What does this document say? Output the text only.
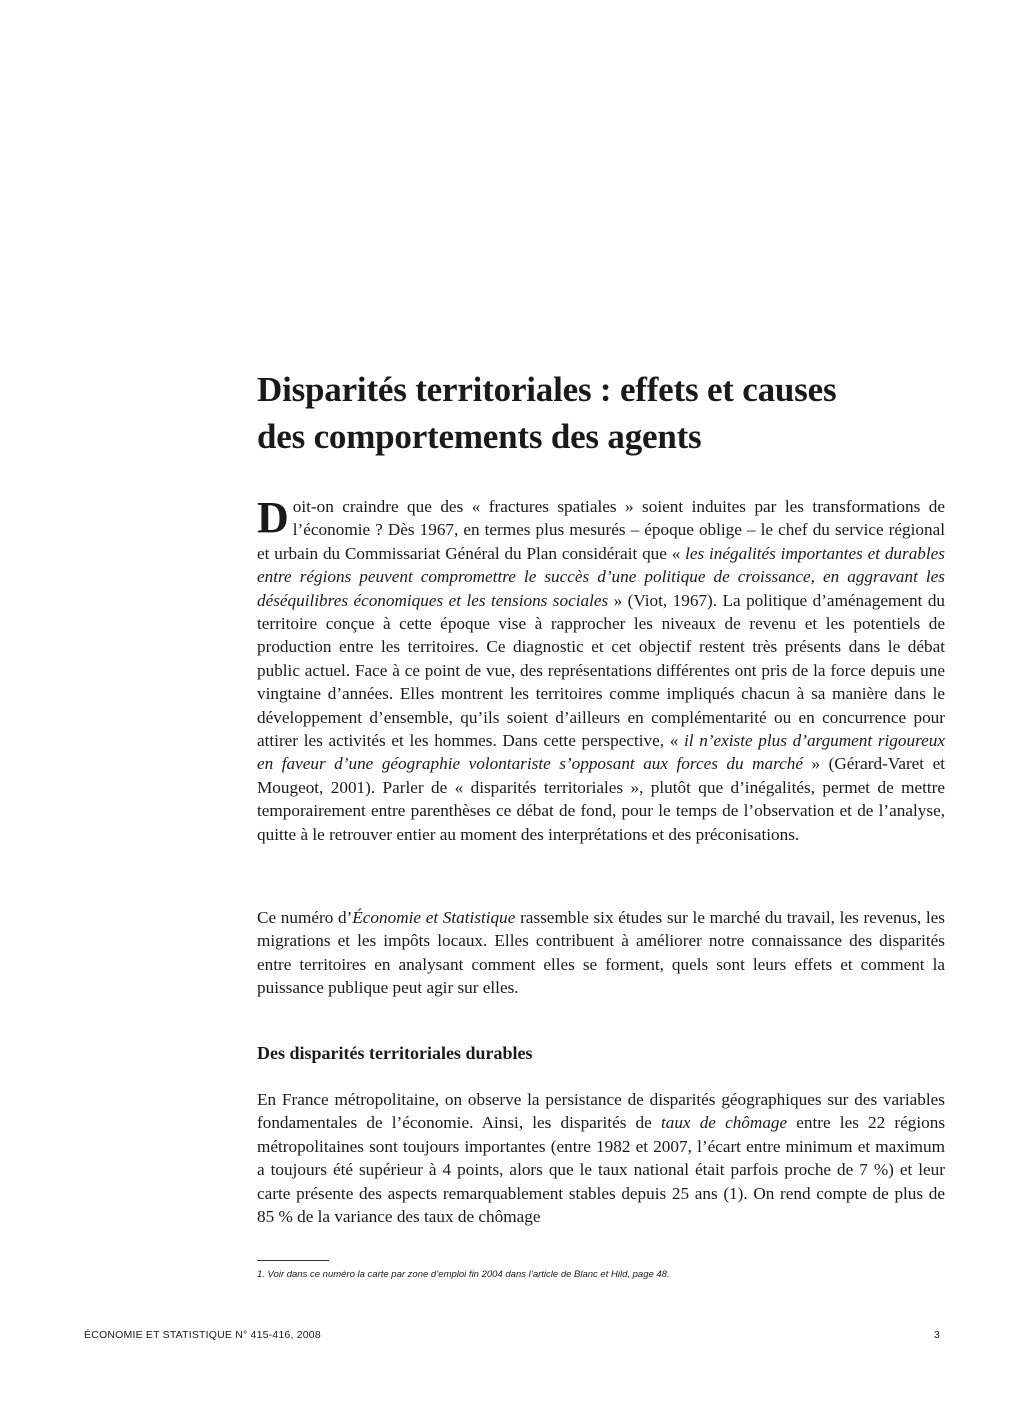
Disparités territoriales : effets et causes
des comportements des agents

D oit-on craindre que des « fractures spatiales » soient induites par les transformations de l’économie ? Dès 1967, en termes plus mesurés – époque oblige – le chef du service régional et urbain du Commissariat Général du Plan considérait que « les inégalités importantes et durables entre régions peuvent compromettre le succès d’une politique de croissance, en aggravant les déséquilibres économiques et les tensions sociales » (Viot, 1967). La politique d’aménagement du territoire conçue à cette époque vise à rapprocher les niveaux de revenu et les potentiels de production entre les territoires. Ce diagnostic et cet objectif restent très présents dans le débat public actuel. Face à ce point de vue, des représentations différentes ont pris de la force depuis une vingtaine d’années. Elles montrent les territoires comme impliqués chacun à sa manière dans le développement d’ensemble, qu’ils soient d’ailleurs en complémentarité ou en concurrence pour attirer les activités et les hommes. Dans cette perspective, « il n’existe plus d’argument rigoureux en faveur d’une géographie volontariste s’opposant aux forces du marché » (Gérard-Varet et Mougeot, 2001). Parler de « disparités territoriales », plutôt que d’inégalités, permet de mettre temporairement entre parenthèses ce débat de fond, pour le temps de l’observation et de l’analyse, quitte à le retrouver entier au moment des interprétations et des préconisations.

Ce numéro d’Économie et Statistique rassemble six études sur le marché du travail, les revenus, les migrations et les impôts locaux. Elles contribuent à améliorer notre connaissance des disparités entre territoires en analysant comment elles se forment, quels sont leurs effets et comment la puissance publique peut agir sur elles.

Des disparités territoriales durables

En France métropolitaine, on observe la persistance de disparités géographiques sur des variables fondamentales de l’économie. Ainsi, les disparités de taux de chômage entre les 22 régions métropolitaines sont toujours importantes (entre 1982 et 2007, l’écart entre minimum et maximum a toujours été supérieur à 4 points, alors que le taux national était parfois proche de 7 %) et leur carte présente des aspects remarquablement stables depuis 25 ans (1). On rend compte de plus de 85 % de la variance des taux de chômage

1. Voir dans ce numéro la carte par zone d’emploi fin 2004 dans l’article de Blanc et Hild, page 48.

ÉCONOMIE ET STATISTIQUE N° 415-416, 2008	3
